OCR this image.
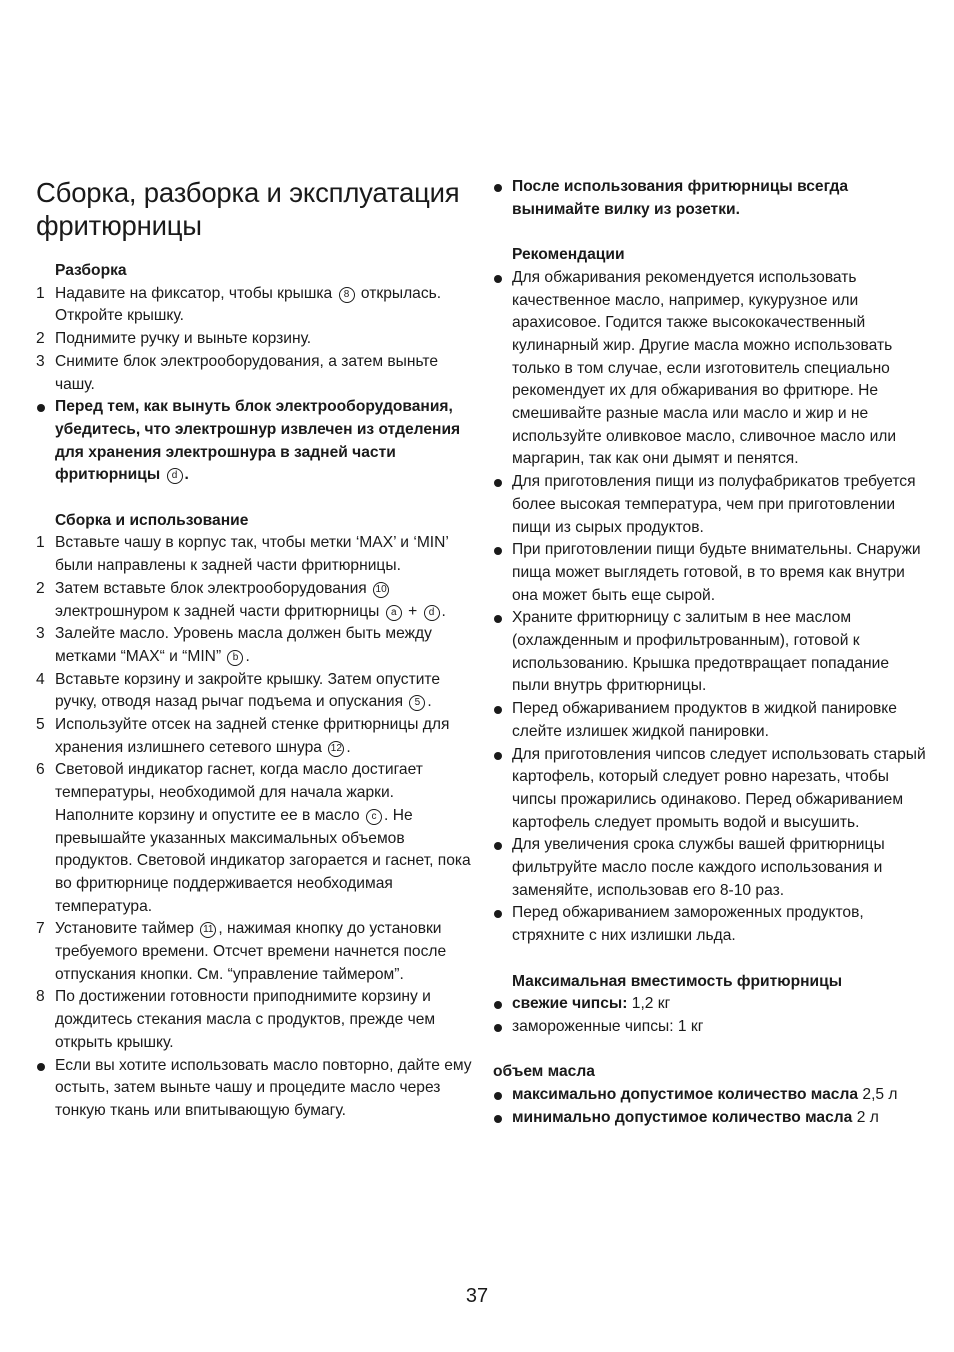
Сборка, разборка и эксплуатация фритюрницы

Разборка

1 Надавите на фиксатор, чтобы крышка 8 открылась. Откройте крышку.
2 Поднимите ручку и выньте корзину.
3 Снимите блок электрооборудования, а затем выньте чашу.
Перед тем, как вынуть блок электрооборудования, убедитесь, что электрошнур извлечен из отделения для хранения электрошнура в задней части фритюрницы d .

Сборка и использование

1 Вставьте чашу в корпус так, чтобы метки ‘MAX’ и ‘MIN’ были направлены к задней части фритюрницы.
2 Затем вставьте блок электрооборудования 10 электрошнуром к задней части фритюрницы a + d .
3 Залейте масло. Уровень масла должен быть между метками “MAX“ и “MIN” b .
4 Вставьте корзину и закройте крышку. Затем опустите ручку, отводя назад рычаг подъема и опускания 5 .
5 Используйте отсек на задней стенке фритюрницы для хранения излишнего сетевого шнура 12 .
6 Световой индикатор гаснет, когда масло достигает температуры, необходимой для начала жарки. Наполните корзину и опустите ее в масло c . Не превышайте указанных максимальных объемов продуктов. Световой индикатор загорается и гаснет, пока во фритюрнице поддерживается необходимая температура.
7 Установите таймер 11 , нажимая кнопку до установки требуемого времени. Отсчет времени начнется после отпускания кнопки. См. “управление таймером”.
8 По достижении готовности приподнимите корзину и дождитесь стекания масла с продуктов, прежде чем открыть крышку.
Если вы хотите использовать масло повторно, дайте ему остыть, затем выньте чашу и процедите масло через тонкую ткань или впитывающую бумагу.
После использования фритюрницы всегда вынимайте вилку из розетки.

Рекомендации

Для обжаривания рекомендуется использовать качественное масло, например, кукурузное или арахисовое. Годится также высококачественный кулинарный жир. Другие масла можно использовать только в том случае, если изготовитель специально рекомендует их для обжаривания во фритюре. Не смешивайте разные масла или масло и жир и не используйте оливковое масло, сливочное масло или маргарин, так как они дымят и пенятся.
Для приготовления пищи из полуфабрикатов требуется более высокая температура, чем при приготовлении пищи из сырых продуктов.
При приготовлении пищи будьте внимательны. Снаружи пища может выглядеть готовой, в то время как внутри она может быть еще сырой.
Храните фритюрницу с залитым в нее маслом (охлажденным и профильтрованным), готовой к использованию. Крышка предотвращает попадание пыли внутрь фритюрницы.
Перед обжариванием продуктов в жидкой панировке слейте излишек жидкой панировки.
Для приготовления чипсов следует использовать старый картофель, который следует ровно нарезать, чтобы чипсы прожарились одинаково. Перед обжариванием картофель следует промыть водой и высушить.
Для увеличения срока службы вашей фритюрницы фильтруйте масло после каждого использования и заменяйте, использовав его 8-10 раз.
Перед обжариванием замороженных продуктов, стряхните с них излишки льда.

Максимальная вместимость фритюрницы

свежие чипсы: 1,2 кг
замороженные чипсы: 1 кг

объем масла

максимально допустимое количество масла 2,5 л
минимально допустимое количество масла 2 л
37
